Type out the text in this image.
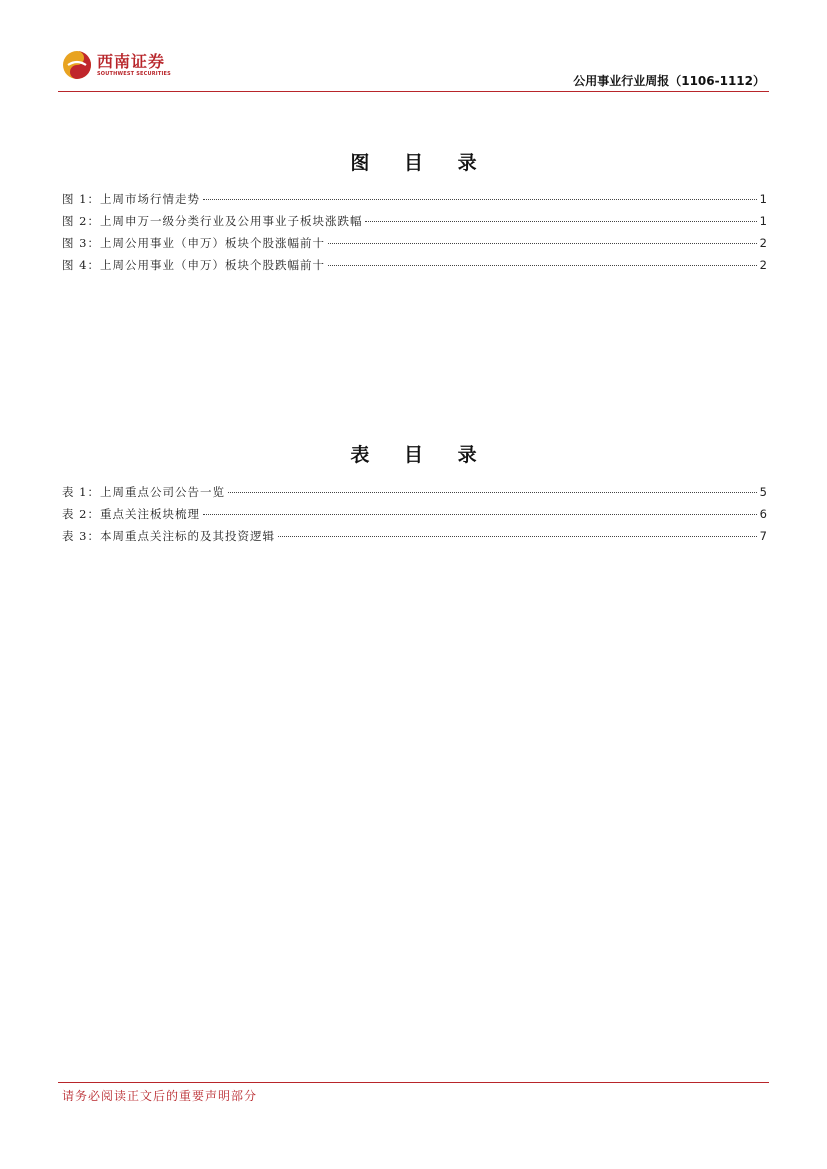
西南证券
SOUTHWEST SECURITIES
公用事业行业周报（1106-1112）
图 目 录
图 1：上周市场行情走势	1
图 2：上周申万一级分类行业及公用事业子板块涨跌幅	1
图 3：上周公用事业（申万）板块个股涨幅前十	2
图 4：上周公用事业（申万）板块个股跌幅前十	2
表 目 录
表 1：上周重点公司公告一览	5
表 2：重点关注板块梳理	6
表 3：本周重点关注标的及其投资逻辑	7
请务必阅读正文后的重要声明部分
